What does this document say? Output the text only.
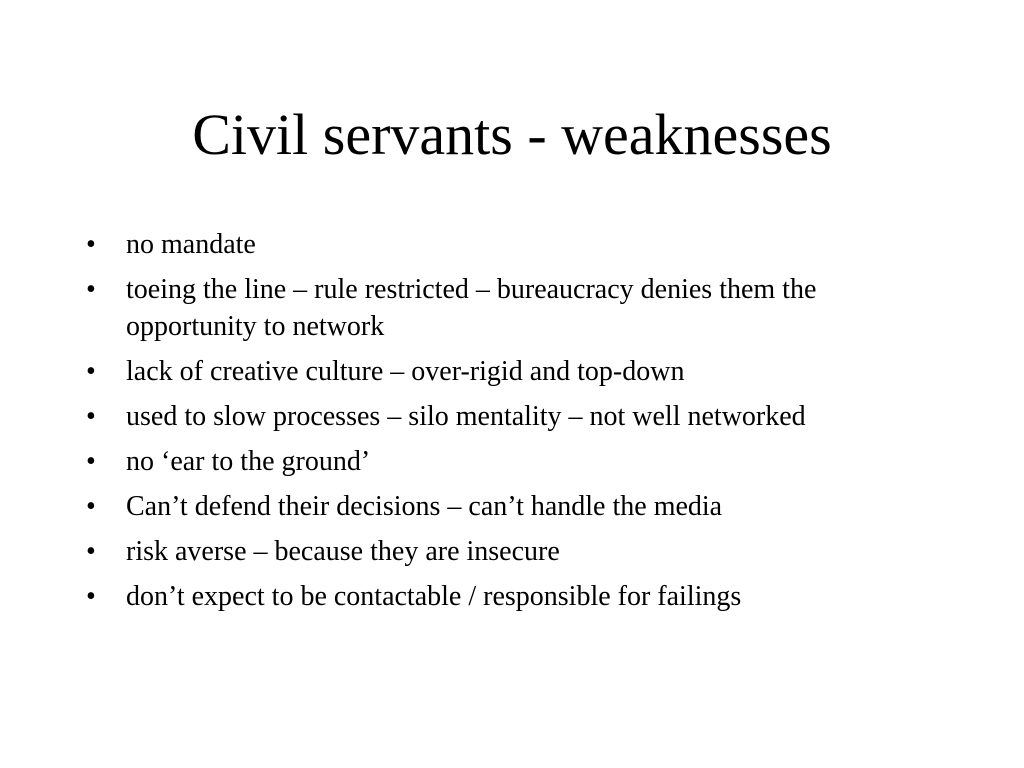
Civil servants - weaknesses
•	no mandate
•	toeing the line – rule restricted – bureaucracy denies them the opportunity to network
•	lack of creative culture – over-rigid and top-down
•	used to slow processes – silo mentality – not well networked
•	no ‘ear to the ground’
•	Can’t defend their decisions – can’t handle the media
•	risk averse – because they are insecure
•	don’t expect to be contactable / responsible for failings
